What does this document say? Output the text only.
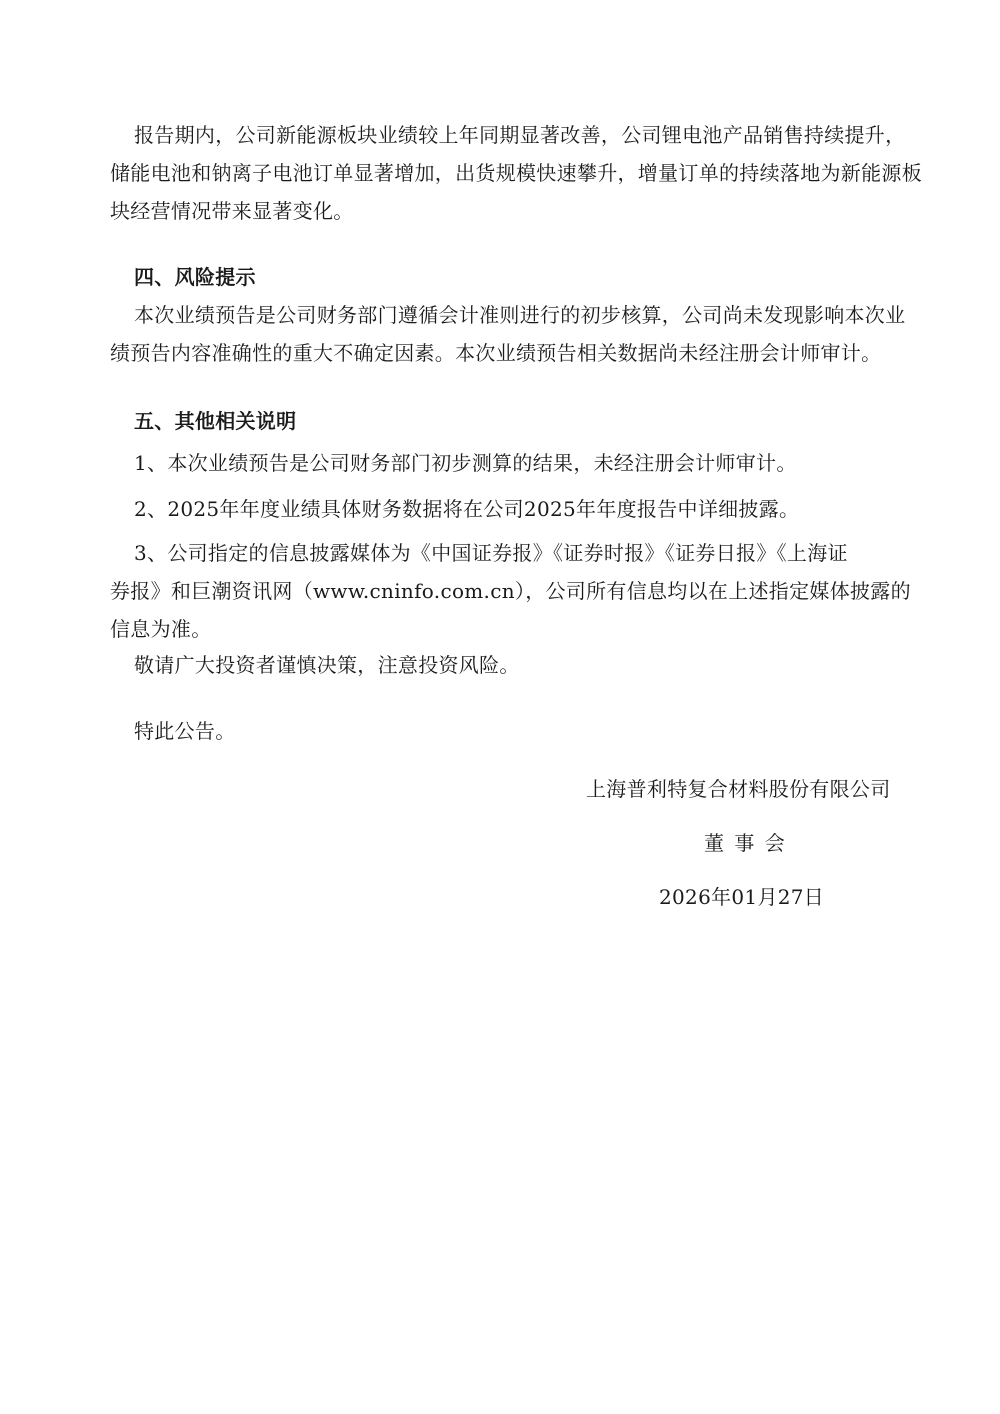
报告期内，公司新能源板块业绩较上年同期显著改善，公司锂电池产品销售持续提升，
储能电池和钠离子电池订单显著增加，出货规模快速攀升，增量订单的持续落地为新能源板
块经营情况带来显著变化。
四、风险提示
本次业绩预告是公司财务部门遵循会计准则进行的初步核算，公司尚未发现影响本次业
绩预告内容准确性的重大不确定因素。本次业绩预告相关数据尚未经注册会计师审计。
五、其他相关说明
1、本次业绩预告是公司财务部门初步测算的结果，未经注册会计师审计。
2、2025年年度业绩具体财务数据将在公司2025年年度报告中详细披露。
3、公司指定的信息披露媒体为《中国证券报》《证券时报》《证券日报》《上海证
券报》和巨潮资讯网（www.cninfo.com.cn），公司所有信息均以在上述指定媒体披露的
信息为准。
敬请广大投资者谨慎决策，注意投资风险。
特此公告。
上海普利特复合材料股份有限公司
董 事 会
2026年01月27日
